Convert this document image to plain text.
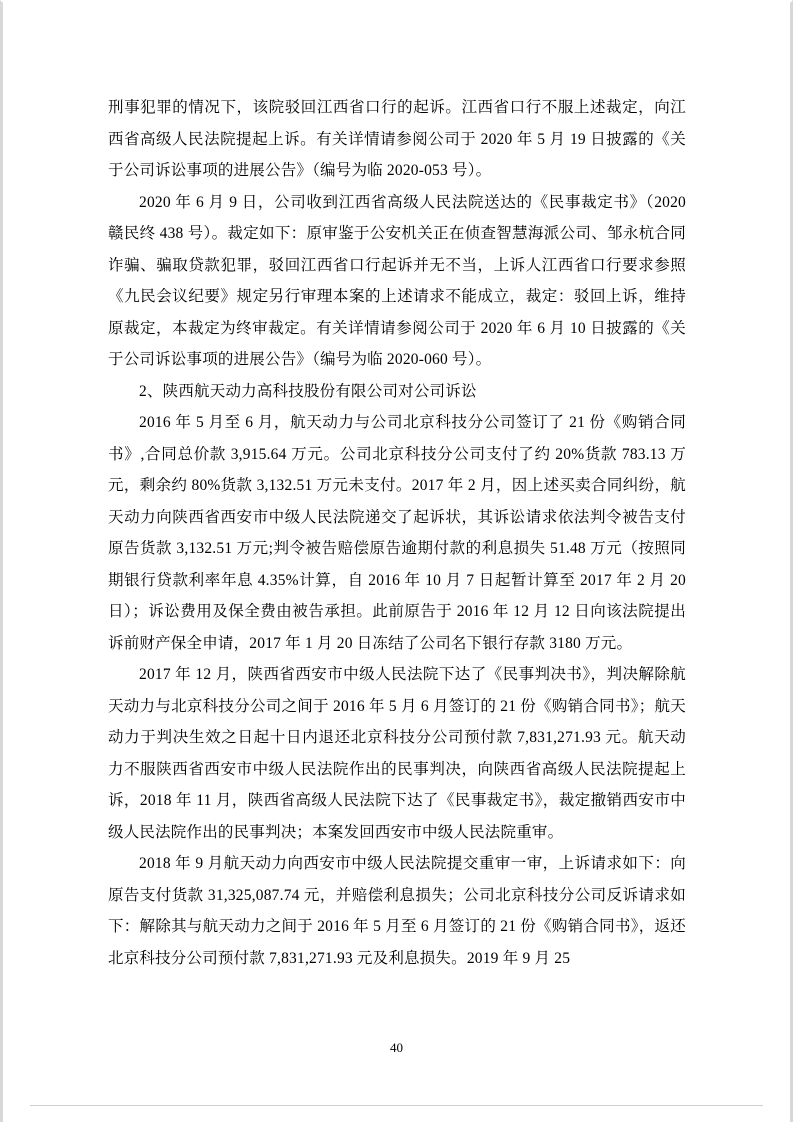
刑事犯罪的情况下，该院驳回江西省口行的起诉。江西省口行不服上述裁定，向江西省高级人民法院提起上诉。有关详情请参阅公司于 2020 年 5 月 19 日披露的《关于公司诉讼事项的进展公告》（编号为临 2020-053 号）。

2020 年 6 月 9 日，公司收到江西省高级人民法院送达的《民事裁定书》（2020 赣民终 438 号）。裁定如下：原审鉴于公安机关正在侦查智慧海派公司、邹永杭合同诈骗、骗取贷款犯罪，驳回江西省口行起诉并无不当，上诉人江西省口行要求参照《九民会议纪要》规定另行审理本案的上述请求不能成立，裁定：驳回上诉，维持原裁定，本裁定为终审裁定。有关详情请参阅公司于 2020 年 6 月 10 日披露的《关于公司诉讼事项的进展公告》（编号为临 2020-060 号）。

2、陕西航天动力高科技股份有限公司对公司诉讼

2016 年 5 月至 6 月，航天动力与公司北京科技分公司签订了 21 份《购销合同书》,合同总价款 3,915.64 万元。公司北京科技分公司支付了约 20%货款 783.13 万元，剩余约 80%货款 3,132.51 万元未支付。2017 年 2 月，因上述买卖合同纠纷，航天动力向陕西省西安市中级人民法院递交了起诉状，其诉讼请求依法判令被告支付原告货款 3,132.51 万元;判令被告赔偿原告逾期付款的利息损失 51.48 万元（按照同期银行贷款利率年息 4.35%计算，自 2016 年 10 月 7 日起暂计算至 2017 年 2 月 20 日）；诉讼费用及保全费由被告承担。此前原告于 2016 年 12 月 12 日向该法院提出诉前财产保全申请，2017 年 1 月 20 日冻结了公司名下银行存款 3180 万元。

2017 年 12 月，陕西省西安市中级人民法院下达了《民事判决书》，判决解除航天动力与北京科技分公司之间于 2016 年 5 月 6 月签订的 21 份《购销合同书》；航天动力于判决生效之日起十日内退还北京科技分公司预付款 7,831,271.93 元。航天动力不服陕西省西安市中级人民法院作出的民事判决，向陕西省高级人民法院提起上诉，2018 年 11 月，陕西省高级人民法院下达了《民事裁定书》，裁定撤销西安市中级人民法院作出的民事判决；本案发回西安市中级人民法院重审。

2018 年 9 月航天动力向西安市中级人民法院提交重审一审，上诉请求如下：向原告支付货款 31,325,087.74 元，并赔偿利息损失；公司北京科技分公司反诉请求如下：解除其与航天动力之间于 2016 年 5 月至 6 月签订的 21 份《购销合同书》，返还北京科技分公司预付款 7,831,271.93 元及利息损失。2019 年 9 月 25

40
